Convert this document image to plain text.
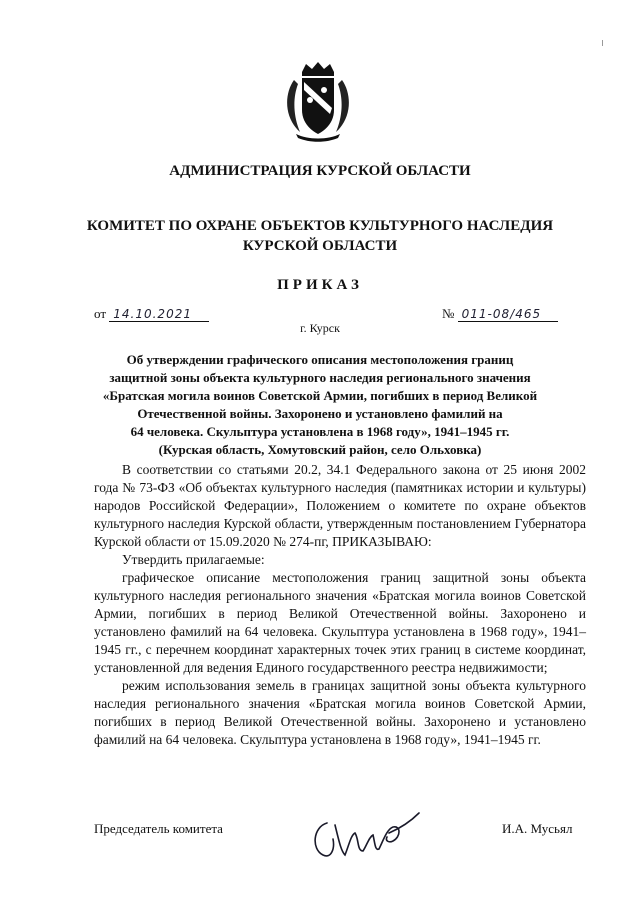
АДМИНИСТРАЦИЯ КУРСКОЙ ОБЛАСТИ
КОМИТЕТ ПО ОХРАНЕ ОБЪЕКТОВ КУЛЬТУРНОГО НАСЛЕДИЯ
КУРСКОЙ ОБЛАСТИ
ПРИКАЗ
от 14.10.2021	№ 011-08/465
г. Курск
Об утверждении графического описания местоположения границ
защитной зоны объекта культурного наследия регионального значения
«Братская могила воинов Советской Армии, погибших в период Великой
Отечественной войны. Захоронено и установлено фамилий на
64 человека. Скульптура установлена в 1968 году», 1941–1945 гг.
(Курская область, Хомутовский район, село Ольховка)

В соответствии со статьями 20.2, 34.1 Федерального закона от 25 июня 2002 года № 73-ФЗ «Об объектах культурного наследия (памятниках истории и культуры) народов Российской Федерации», Положением о комитете по охране объектов культурного наследия Курской области, утвержденным постановлением Губернатора Курской области от 15.09.2020 № 274-пг, ПРИКАЗЫВАЮ:

Утвердить прилагаемые:

графическое описание местоположения границ защитной зоны объекта культурного наследия регионального значения «Братская могила воинов Советской Армии, погибших в период Великой Отечественной войны. Захоронено и установлено фамилий на 64 человека. Скульптура установлена в 1968 году», 1941–1945 гг., с перечнем координат характерных точек этих границ в системе координат, установленной для ведения Единого государственного реестра недвижимости;

режим использования земель в границах защитной зоны объекта культурного наследия регионального значения «Братская могила воинов Советской Армии, погибших в период Великой Отечественной войны. Захоронено и установлено фамилий на 64 человека. Скульптура установлена в 1968 году», 1941–1945 гг.

Председатель комитета	И.А. Мусьял
